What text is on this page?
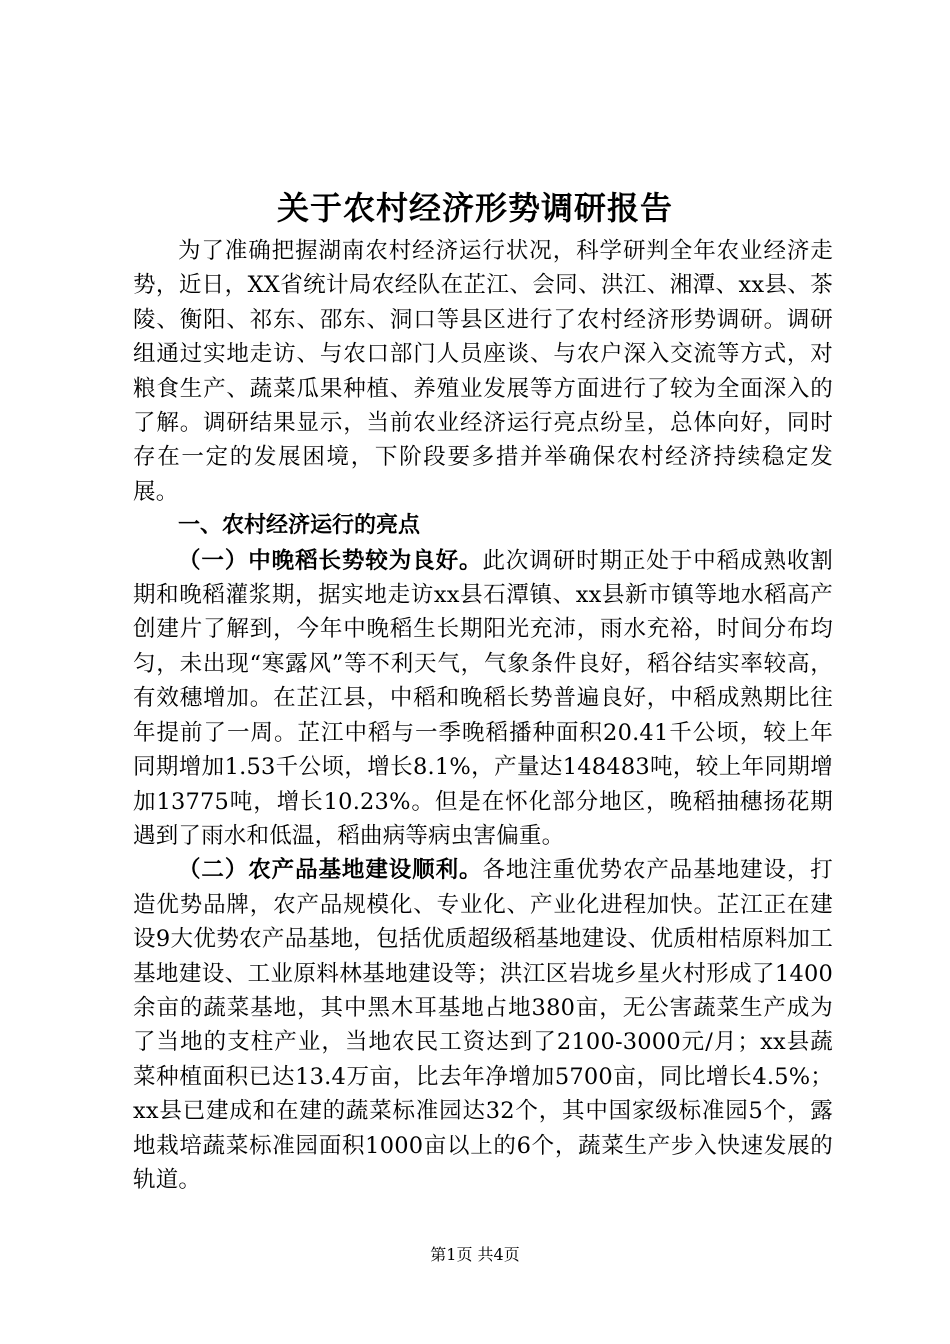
关于农村经济形势调研报告

为了准确把握湖南农村经济运行状况，科学研判全年农业经济走势，近日，XX省统计局农经队在芷江、会同、洪江、湘潭、xx县、茶陵、衡阳、祁东、邵东、洞口等县区进行了农村经济形势调研。调研组通过实地走访、与农口部门人员座谈、与农户深入交流等方式，对粮食生产、蔬菜瓜果种植、养殖业发展等方面进行了较为全面深入的了解。调研结果显示，当前农业经济运行亮点纷呈，总体向好，同时存在一定的发展困境，下阶段要多措并举确保农村经济持续稳定发展。

一、农村经济运行的亮点

（一）中晚稻长势较为良好。此次调研时期正处于中稻成熟收割期和晚稻灌浆期，据实地走访xx县石潭镇、xx县新市镇等地水稻高产创建片了解到，今年中晚稻生长期阳光充沛，雨水充裕，时间分布均匀，未出现“寒露风”等不利天气，气象条件良好，稻谷结实率较高，有效穗增加。在芷江县，中稻和晚稻长势普遍良好，中稻成熟期比往年提前了一周。芷江中稻与一季晚稻播种面积20.41千公顷，较上年同期增加1.53千公顷，增长8.1%，产量达148483吨，较上年同期增加13775吨，增长10.23%。但是在怀化部分地区，晚稻抽穗扬花期遇到了雨水和低温，稻曲病等病虫害偏重。

（二）农产品基地建设顺利。各地注重优势农产品基地建设，打造优势品牌，农产品规模化、专业化、产业化进程加快。芷江正在建设9大优势农产品基地，包括优质超级稻基地建设、优质柑桔原料加工基地建设、工业原料林基地建设等；洪江区岩垅乡星火村形成了1400余亩的蔬菜基地，其中黑木耳基地占地380亩，无公害蔬菜生产成为了当地的支柱产业，当地农民工资达到了2100-3000元/月；xx县蔬菜种植面积已达13.4万亩，比去年净增加5700亩，同比增长4.5%；xx县已建成和在建的蔬菜标准园达32个，其中国家级标准园5个，露地栽培蔬菜标准园面积1000亩以上的6个，蔬菜生产步入快速发展的轨道。

第1页 共4页
